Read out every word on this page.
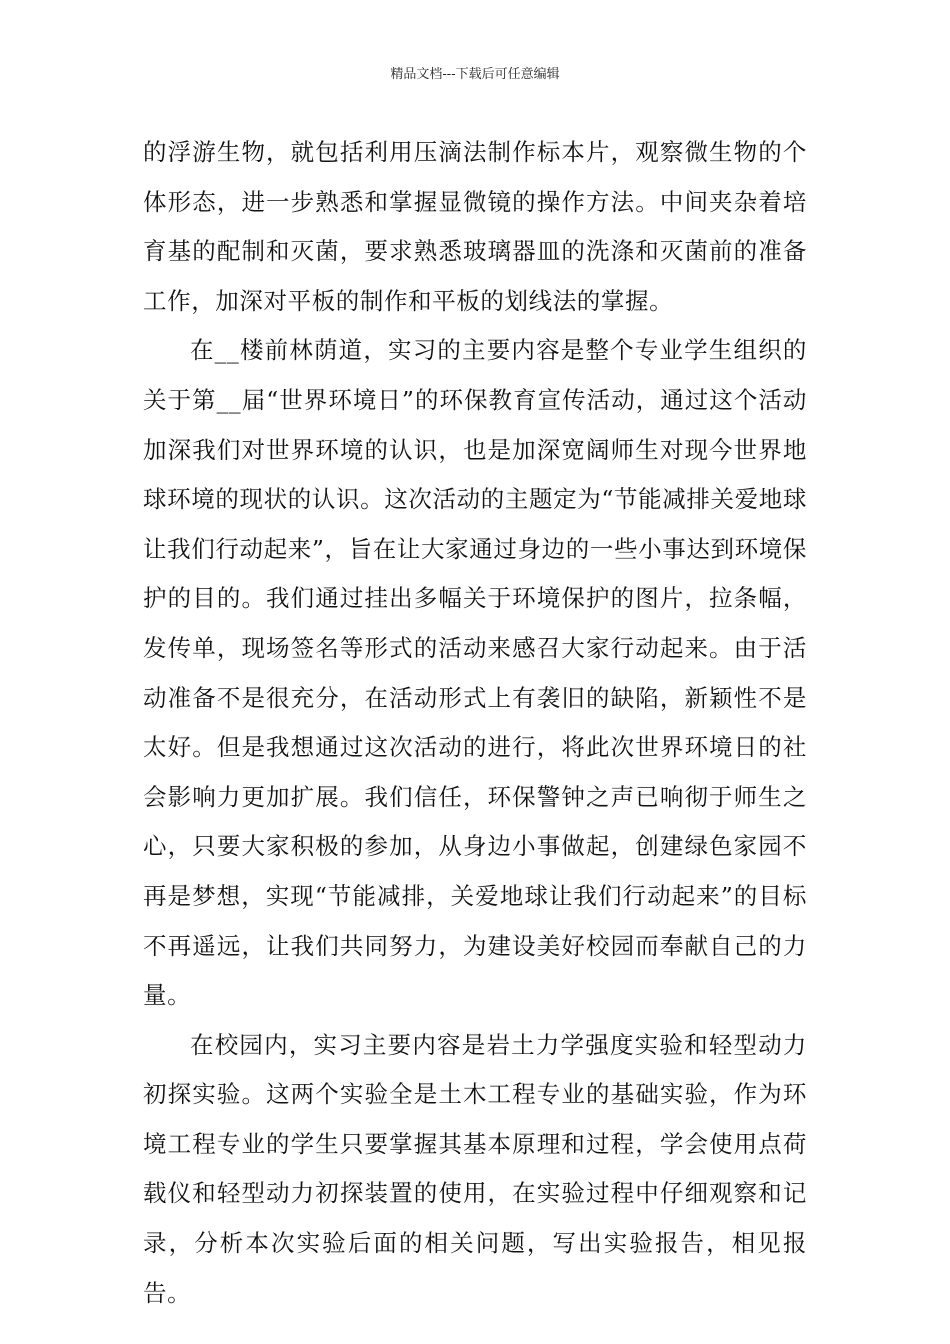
精品文档---下载后可任意编辑

的浮游生物，就包括利用压滴法制作标本片，观察微生物的个体形态，进一步熟悉和掌握显微镜的操作方法。中间夹杂着培育基的配制和灭菌，要求熟悉玻璃器皿的洗涤和灭菌前的准备工作，加深对平板的制作和平板的划线法的掌握。

在__楼前林荫道，实习的主要内容是整个专业学生组织的关于第__届“世界环境日”的环保教育宣传活动，通过这个活动加深我们对世界环境的认识，也是加深宽阔师生对现今世界地球环境的现状的认识。这次活动的主题定为“节能减排关爱地球让我们行动起来”，旨在让大家通过身边的一些小事达到环境保护的目的。我们通过挂出多幅关于环境保护的图片，拉条幅，发传单，现场签名等形式的活动来感召大家行动起来。由于活动准备不是很充分，在活动形式上有袭旧的缺陷，新颖性不是太好。但是我想通过这次活动的进行，将此次世界环境日的社会影响力更加扩展。我们信任，环保警钟之声已响彻于师生之心，只要大家积极的参加，从身边小事做起，创建绿色家园不再是梦想，实现“节能减排，关爱地球让我们行动起来”的目标不再遥远，让我们共同努力，为建设美好校园而奉献自己的力量。

在校园内，实习主要内容是岩土力学强度实验和轻型动力初探实验。这两个实验全是土木工程专业的基础实验，作为环境工程专业的学生只要掌握其基本原理和过程，学会使用点荷载仪和轻型动力初探装置的使用，在实验过程中仔细观察和记录，分析本次实验后面的相关问题，写出实验报告，相见报告。
